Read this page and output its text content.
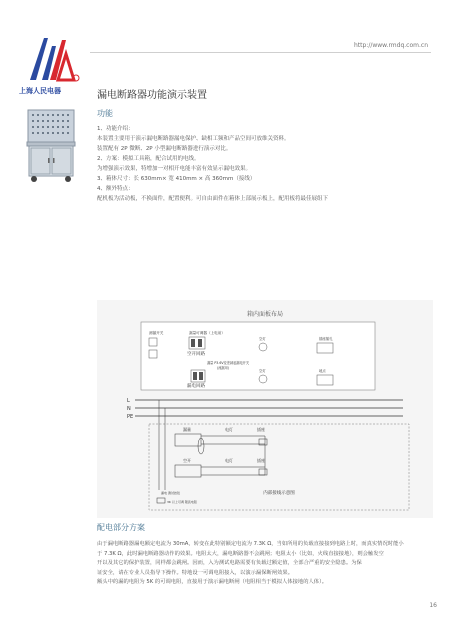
上海人民电器
http://www.rmdq.com.cn
漏电断路器功能演示装置
功能

1、功能介绍：

本装置主要用于演示漏电断路器漏电保护、缺相工频和产品空间可放维关资料。

装置配有 2P 微断、2P 小型漏电断路器进行演示对比。

2、方案：模拟工具箱，配合试用的电线。

为增强演示效果，特增加一对相开电能丰富有效显示漏电效果。

3、箱体尺寸：长 630mm× 宽 410mm × 高 360mm（接线）

4、额外特点：

配机板为活动板，不换面件，配置便利。可自由面件在箱体上部展示板上，配用板将最佳展组下

箱内面板布局
测漏开关	漏量可调器（上电前）
空开回路
空灯	插座插孔
漏量 P3.6V变差减起漏电开关
(流漏用)
漏电回路
空灯	地点
L
N
PE
漏量	电灯	插座
空开	电灯	插座
漏电 测试按钮
3K 以上可调 限流电阻
内部接线示意图
配电部分方案

由于漏电断路器漏电额定电流为 30mA，转变在此特别额定电流为 7.3K Ω，当如所用的负载直接接到电路上时，而真实情况时能小

于 7.3K Ω，此时漏电断路器动作的效果。电阻太大，漏电断路器不会跳闸；电阻太小（比如，火线直接接地），则会触发空

开以及其它的保护装置，同样都会跳闸。因而，入为测试电路需要有负载过额定值，全部合严重的安全隐患。为保

证安全，请在专业人员指导下操作。特地设一可调电阻接入，以演示漏保断闸效果。

额头中的漏的电阻为 5K 的可调电阻，直接用于演示漏电断闸（电阻相当于模拟人体接地的人体）。

16
